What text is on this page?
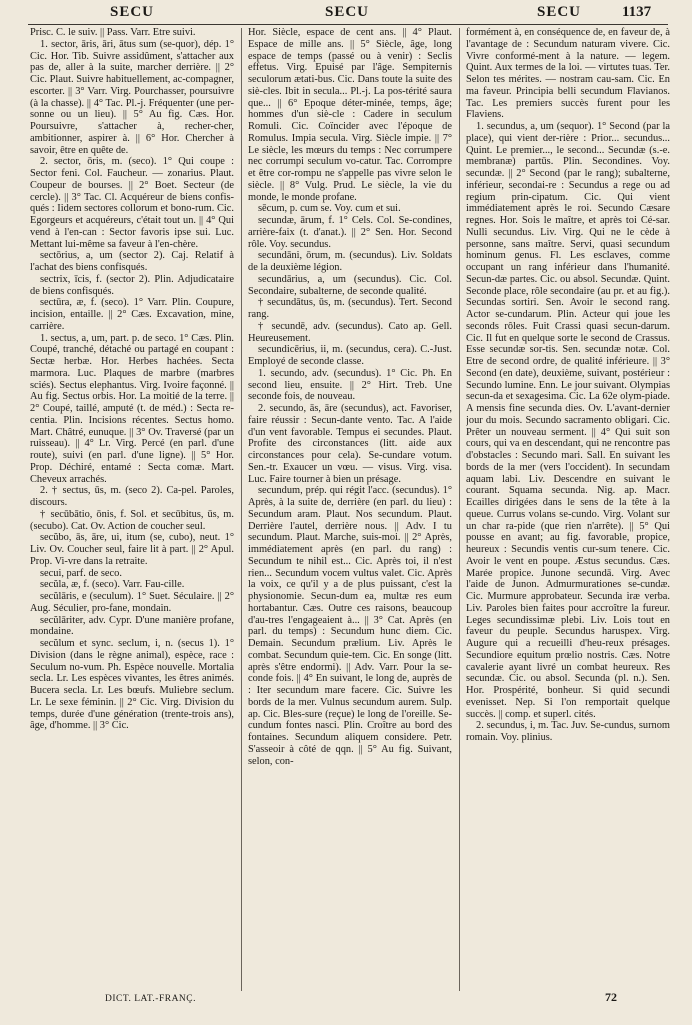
SECU	SECU	SECU	1137

Prisc. C. le suiv. || Pass. Varr. Etre suivi.

1. sector, āris, āri, ātus sum (se-quor), dép. 1° Cic. Hor. Tib. Suivre assidûment, s'attacher aux pas de, aller à la suite, marcher derrière. || 2° Cic. Plaut. Suivre habituellement, ac-compagner, escorter. || 3° Varr. Virg. Pourchasser, poursuivre (à la chasse). || 4° Tac. Pl.-j. Fréquenter (une per-sonne ou un lieu). || 5° Au fig. Cæs. Hor. Poursuivre, s'attacher à, recher-cher, ambitionner, aspirer à. || 6° Hor. Chercher à savoir, être en quête de.

2. sector, ōris, m. (seco). 1° Qui coupe : Sector feni. Col. Faucheur. — zonarius. Plaut. Coupeur de bourses. || 2° Boet. Secteur (de cercle). || 3° Tac. Cl. Acquéreur de biens confis-qués : Iidem sectores collorum et bono-rum. Cic. Egorgeurs et acquéreurs, c'était tout un. || 4° Qui vend à l'en-can : Sector favoris ipse sui. Luc. Mettant lui-même sa faveur à l'en-chère.

sectōrius, a, um (sector 2). Caj. Relatif à l'achat des biens confisqués.

sectrix, īcis, f. (sector 2). Plin. Adjudicataire de biens confisqués.

sectūra, æ, f. (seco). 1° Varr. Plin. Coupure, incision, entaille. || 2° Cæs. Excavation, mine, carrière.

1. sectus, a, um, part. p. de seco. 1° Cæs. Plin. Coupé, tranché, détaché ou partagé en coupant : Sectæ herbæ. Hor. Herbes hachées. Secta marmora. Luc. Plaques de marbre (marbres sciés). Sectus elephantus. Virg. Ivoire façonné. || Au fig. Sectus orbis. Hor. La moitié de la terre. || 2° Coupé, taillé, amputé (t. de méd.) : Secta re-centia. Plin. Incisions récentes. Sectus homo. Mart. Châtré, eunuque. || 3° Ov. Traversé (par un ruisseau). || 4° Lr. Virg. Percé (en parl. d'une route), suivi (en parl. d'une ligne). || 5° Hor. Prop. Déchiré, entamé : Secta comæ. Mart. Cheveux arrachés.

2. † sectus, ūs, m. (seco 2). Ca-pel. Paroles, discours.

† secūbātio, ōnis, f. Sol. et secūbitus, ūs, m. (secubo). Cat. Ov. Action de coucher seul.

secŭbo, ās, āre, ui, itum (se, cubo), neut. 1° Liv. Ov. Coucher seul, faire lit à part. || 2° Apul. Prop. Vi-vre dans la retraite.

secui, parf. de seco.

secŭla, æ, f. (seco). Varr. Fau-cille.

secŭlāris, e (seculum). 1° Suet. Séculaire. || 2° Aug. Séculier, pro-fane, mondain.

secŭlāriter, adv. Cypr. D'une manière profane, mondaine.

secŭlum et sync. seclum, i, n. (secus 1). 1° Division (dans le règne animal), espèce, race : Seculum no-vum. Ph. Espèce nouvelle. Mortalia secla. Lr. Les espèces vivantes, les êtres animés. Bucera secla. Lr. Les bœufs. Muliebre seclum. Lr. Le sexe féminin. || 2° Cic. Virg. Division du temps, durée d'une génération (trente-trois ans), âge, d'homme. || 3° Cic.

Hor. Siècle, espace de cent ans. || 4° Plaut. Espace de mille ans. || 5° Siècle, âge, long espace de temps (passé ou à venir) : Seclis effetus. Virg. Epuisé par l'âge. Sempiternis seculorum ætati-bus. Cic. Dans toute la suite des siè-cles. Ibit in secula... Pl.-j. La pos-térité saura que... || 6° Epoque déter-minée, temps, âge; hommes d'un siè-cle : Cadere in seculum Romuli. Cic. Coïncider avec l'époque de Romulus. Impia secula. Virg. Siècle impie. || 7° Le siècle, les mœurs du temps : Nec corrumpere nec corrumpi seculum vo-catur. Tac. Corrompre et être cor-rompu ne s'appelle pas vivre selon le siècle. || 8° Vulg. Prud. Le siècle, la vie du monde, le monde profane.

sēcum, p. cum se. Voy. cum et sui.

secundæ, ārum, f. 1° Cels. Col. Se-condines, arrière-faix (t. d'anat.). || 2° Sen. Hor. Second rôle. Voy. secundus.

secundāni, ōrum, m. (secundus). Liv. Soldats de la deuxième légion.

secundārius, a, um (secundus). Cic. Col. Secondaire, subalterne, de seconde qualité.

† secundātus, ūs, m. (secundus). Tert. Second rang.

† secundē, adv. (secundus). Cato ap. Gell. Heureusement.

secundicērius, ii, m. (secundus, cera). C.-Just. Employé de seconde classe.

1. secundo, adv. (secundus). 1° Cic. Ph. En second lieu, ensuite. || 2° Hirt. Treb. Une seconde fois, de nouveau.

2. secundo, ās, āre (secundus), act. Favoriser, faire réussir : Secun-dante vento. Tac. A l'aide d'un vent favorable. Tempus ei secundes. Plaut. Profite des circonstances (litt. aide aux circonstances pour cela). Se-cundare votum. Sen.-tr. Exaucer un vœu. — visus. Virg. visa. Luc. Faire tourner à bien un présage.

secundum, prép. qui régit l'acc. (secundus). 1° Après, à la suite de, derrière (en parl. du lieu) : Secundum aram. Plaut. Nos secundum. Plaut. Derrière l'autel, derrière nous. || Adv. I tu secundum. Plaut. Marche, suis-moi. || 2° Après, immédiatement après (en parl. du rang) : Secundum te nihil est... Cic. Après toi, il n'est rien... Secundum vocem vultus valet. Cic. Après la voix, ce qu'il y a de plus puissant, c'est la physionomie. Secun-dum ea, multæ res eum hortabantur. Cæs. Outre ces raisons, beaucoup d'au-tres l'engageaient à... || 3° Cat. Après (en parl. du temps) : Secundum hunc diem. Cic. Demain. Secundum prælium. Liv. Après le combat. Secundum quie-tem. Cic. En songe (litt. après s'être endormi). || Adv. Varr. Pour la se-conde fois. || 4° En suivant, le long de, auprès de : Iter secundum mare facere. Cic. Suivre les bords de la mer. Vulnus secundum aurem. Sulp. ap. Cic. Bles-sure (reçue) le long de l'oreille. Se-cundum fontes nasci. Plin. Croître au bord des fontaines. Secundum aliquem considere. Petr. S'asseoir à côté de qqn. || 5° Au fig. Suivant, selon, con-

formément à, en conséquence de, en faveur de, à l'avantage de : Secundum naturam vivere. Cic. Vivre conformé-ment à la nature. — legem. Quint. Aux termes de la loi. — virtutes tuas. Ter. Selon tes mérites. — nostram cau-sam. Cic. En ma faveur. Principia belli secundum Flavianos. Tac. Les premiers succès furent pour les Flaviens.

1. secundus, a, um (sequor). 1° Second (par la place), qui vient der-rière : Prior... secundus... Quint. Le premier..., le second... Secundæ (s.-e. membranæ) partūs. Plin. Secondines. Voy. secundæ. || 2° Second (par le rang); subalterne, inférieur, secondai-re : Secundus a rege ou ad regium prin-cipatum. Cic. Qui vient immédiatement après le roi. Secundo Cæsare regnes. Hor. Sois le maître, et après toi Cé-sar. Nulli secundus. Liv. Virg. Qui ne le cède à personne, sans maître. Servi, quasi secundum hominum genus. Fl. Les esclaves, comme occupant un rang inférieur dans l'humanité. Secun-dæ partes. Cic. ou absol. Secundæ. Quint. Seconde place, rôle secondaire (au pr. et au fig.). Secundas sortiri. Sen. Avoir le second rang. Actor se-cundarum. Plin. Acteur qui joue les seconds rôles. Fuit Crassi quasi secun-darum. Cic. Il fut en quelque sorte le second de Crassus. Esse secundæ sor-tis. Sen. secundæ notæ. Col. Etre de second ordre, de qualité inférieure. || 3° Second (en date), deuxième, suivant, postérieur : Secundo lumine. Enn. Le jour suivant. Olympias secun-da et sexagesima. Cic. La 62e olym-piade. A mensis fine secunda dies. Ov. L'avant-dernier jour du mois. Secundo sacramento obligari. Cic. Prêter un nouveau serment. || 4° Qui suit son cours, qui va en descendant, qui ne rencontre pas d'obstacles : Secundo mari. Sall. En suivant les bords de la mer (vers l'occident). In secundam aquam labi. Liv. Descendre en suivant le courant. Squama secunda. Nig. ap. Macr. Ecailles dirigées dans le sens de la tête à la queue. Currus volans se-cundo. Virg. Volant sur un char ra-pide (que rien n'arrête). || 5° Qui pousse en avant; au fig. favorable, propice, heureux : Secundis ventis cur-sum tenere. Cic. Avoir le vent en poupe. Æstus secundus. Cæs. Marée propice. Junone secundā. Virg. Avec l'aide de Junon. Admurmurationes se-cundæ. Cic. Murmure approbateur. Secunda iræ verba. Liv. Paroles bien faites pour accroître la fureur. Leges secundissimæ plebi. Liv. Lois tout en faveur du peuple. Secundus haruspex. Virg. Augure qui a recueilli d'heu-reux présages. Secundiore equitum prœlio nostris. Cæs. Notre cavalerie ayant livré un combat heureux. Res secundæ. Cic. ou absol. Secunda (pl. n.). Sen. Hor. Prospérité, bonheur. Si quid secundi evenisset. Nep. Si l'on remportait quelque succès. || comp. et superl. cités.

2. secundus, i, m. Tac. Juv. Se-cundus, surnom romain. Voy. plinius.

DICT. LAT.-FRANÇ.	72
